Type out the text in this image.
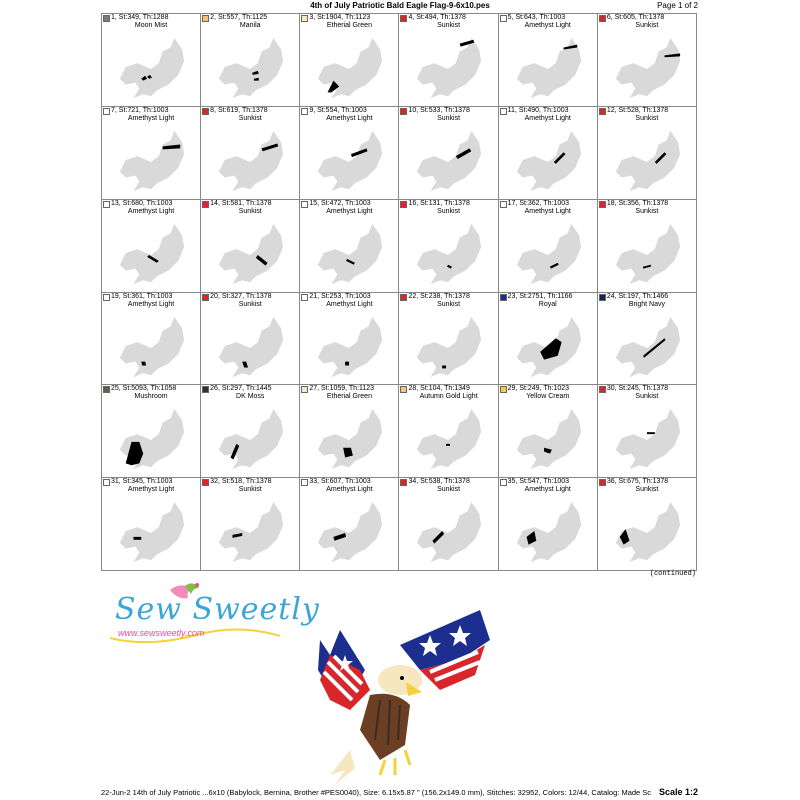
4th of July Patriotic Bald Eagle Flag-9-6x10.pes	Page 1 of 2
1, St:349, Th:1288
Moon Mist
2, St:557, Th:1125
Manila
3, St:1904, Th:1123
Etherial Green
4, St:494, Th:1378
Sunkist
5, St:643, Th:1003
Amethyst Light
6, St:605, Th:1378
Sunkist
7, St:721, Th:1003
Amethyst Light
8, St:619, Th:1378
Sunkist
9, St:554, Th:1003
Amethyst Light
10, St:533, Th:1378
Sunkist
11, St:490, Th:1003
Amethyst Light
12, St:528, Th:1378
Sunkist
13, St:680, Th:1003
Amethyst Light
14, St:581, Th:1378
Sunkist
15, St:472, Th:1003
Amethyst Light
16, St:131, Th:1378
Sunkist
17, St:362, Th:1003
Amethyst Light
18, St:356, Th:1378
Sunkist
19, St:361, Th:1003
Amethyst Light
20, St:327, Th:1378
Sunkist
21, St:253, Th:1003
Amethyst Light
22, St:238, Th:1378
Sunkist
23, St:2751, Th:1166
Royal
24, St:197, Th:1466
Bright Navy
25, St:5093, Th:1058
Mushroom
26, St:297, Th:1445
DK Moss
27, St:1059, Th:1123
Etherial Green
28, St:104, Th:1349
Autumn Gold Light
29, St:249, Th:1023
Yellow Cream
30, St:245, Th:1378
Sunkist
31, St:345, Th:1003
Amethyst Light
32, St:518, Th:1378
Sunkist
33, St:607, Th:1003
Amethyst Light
34, St:538, Th:1378
Sunkist
35, St:547, Th:1003
Amethyst Light
36, St:675, Th:1378
Sunkist
(continued)
Sew Sweetly
www.sewsweetly.com
22-Jun-2 14th of July Patriotic ...6x10 (Babylock, Bernina, Brother #PES0040), Size: 6.15x5.87 " (156.2x149.0 mm), Stitches: 32952, Colors: 12/44, Catalog: Made Sc Scale 1:2
